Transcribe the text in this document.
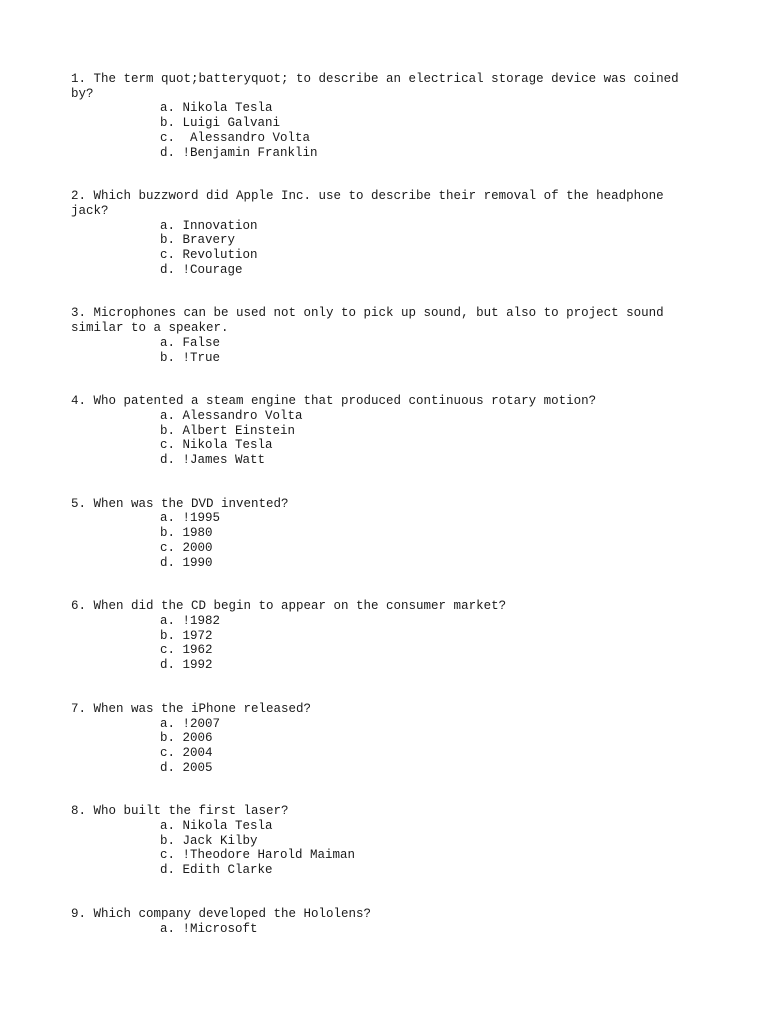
1. The term quot;batteryquot; to describe an electrical storage device was coined by?

a. Nikola Tesla
b. Luigi Galvani
c.  Alessandro Volta
d. !Benjamin Franklin

2. Which buzzword did Apple Inc. use to describe their removal of the headphone jack?

a. Innovation
b. Bravery
c. Revolution
d. !Courage

3. Microphones can be used not only to pick up sound, but also to project sound similar to a speaker.

a. False
b. !True

4. Who patented a steam engine that produced continuous rotary motion?

a. Alessandro Volta
b. Albert Einstein
c. Nikola Tesla
d. !James Watt

5. When was the DVD invented?

a. !1995
b. 1980
c. 2000
d. 1990

6. When did the CD begin to appear on the consumer market?

a. !1982
b. 1972
c. 1962
d. 1992

7. When was the iPhone released?

a. !2007
b. 2006
c. 2004
d. 2005

8. Who built the first laser?

a. Nikola Tesla
b. Jack Kilby
c. !Theodore Harold Maiman
d. Edith Clarke

9. Which company developed the Hololens?

a. !Microsoft
